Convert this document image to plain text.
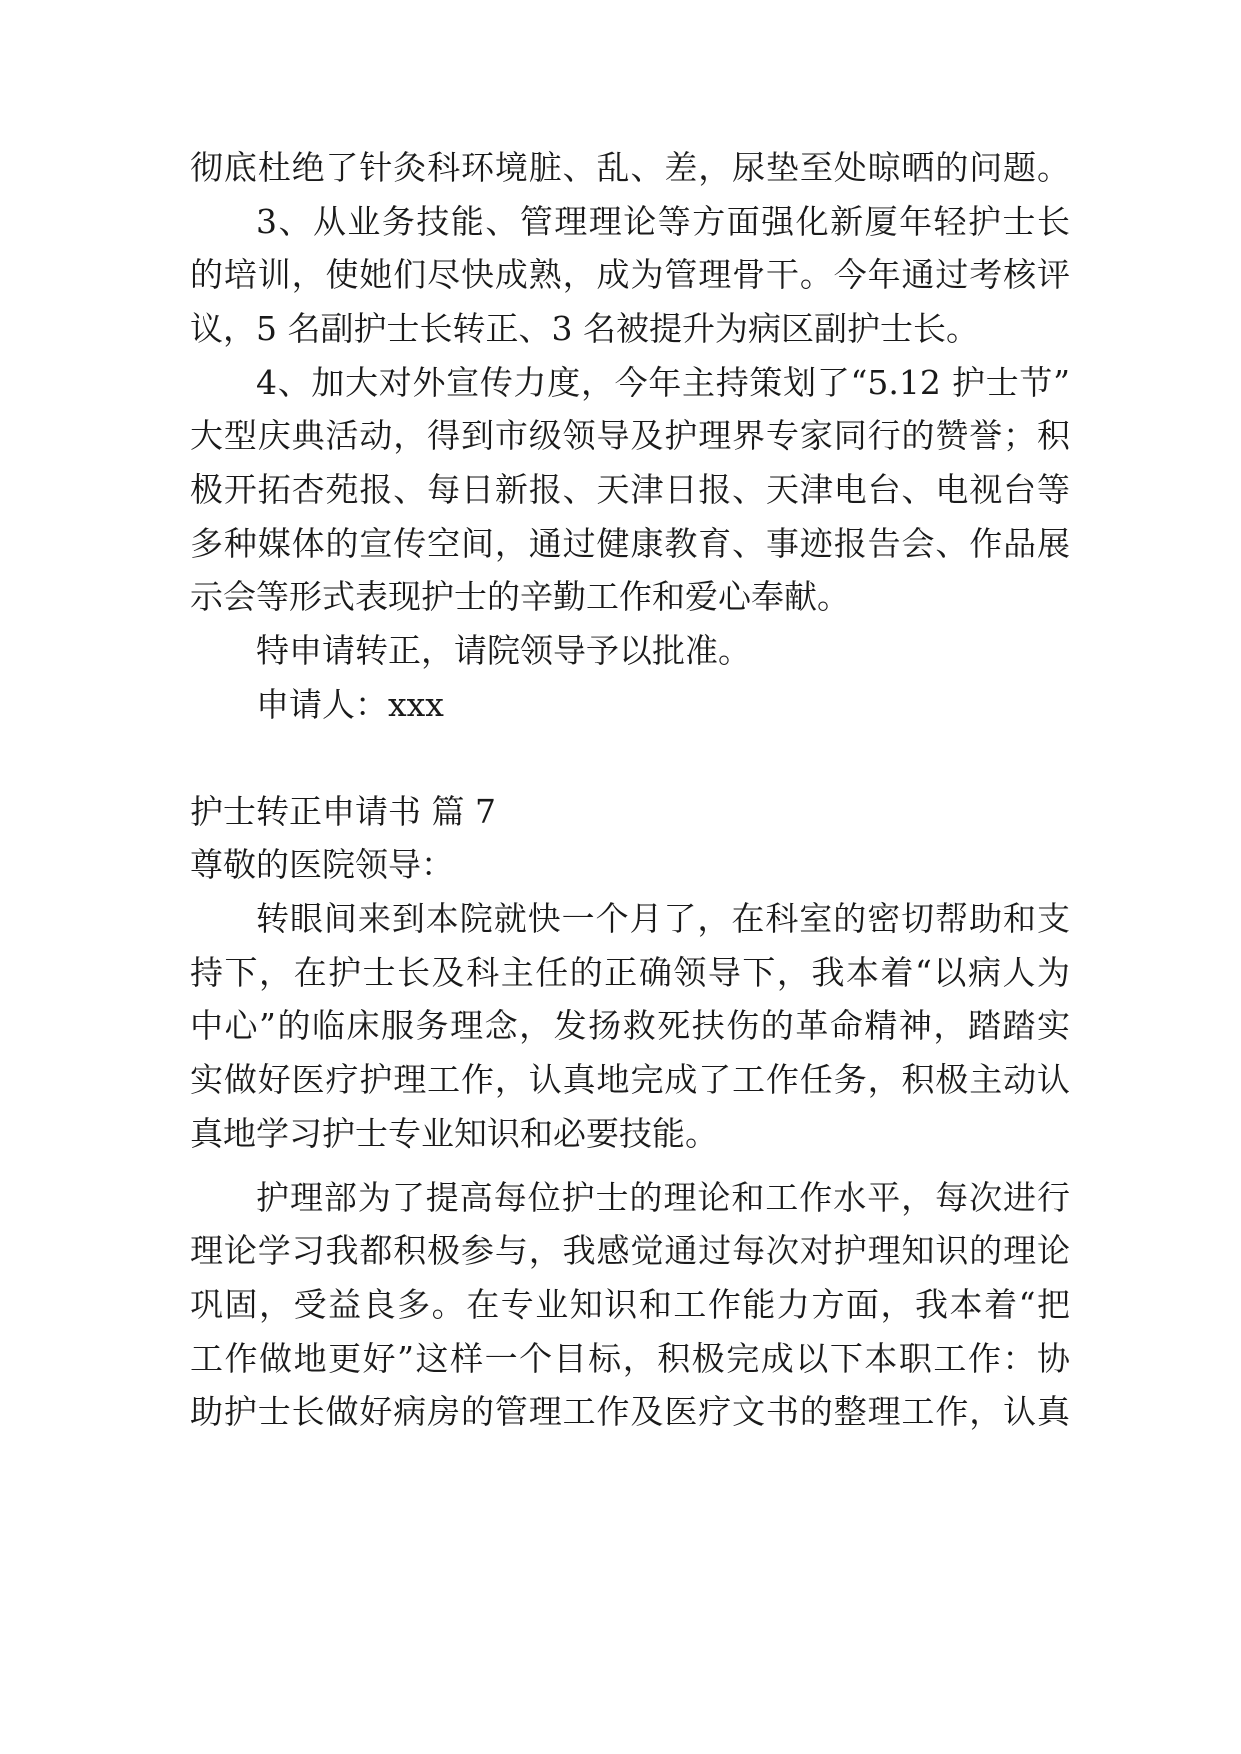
彻底杜绝了针灸科环境脏、乱、差，尿垫至处晾晒的问题。
3、从业务技能、管理理论等方面强化新厦年轻护士长
的培训，使她们尽快成熟，成为管理骨干。今年通过考核评
议，5 名副护士长转正、3 名被提升为病区副护士长。
4、加大对外宣传力度，今年主持策划了“5.12 护士节”
大型庆典活动，得到市级领导及护理界专家同行的赞誉；积
极开拓杏苑报、每日新报、天津日报、天津电台、电视台等
多种媒体的宣传空间，通过健康教育、事迹报告会、作品展
示会等形式表现护士的辛勤工作和爱心奉献。
特申请转正，请院领导予以批准。
申请人：xxx
护士转正申请书 篇 7
尊敬的医院领导：
转眼间来到本院就快一个月了，在科室的密切帮助和支
持下，在护士长及科主任的正确领导下，我本着“以病人为
中心”的临床服务理念，发扬救死扶伤的革命精神，踏踏实
实做好医疗护理工作，认真地完成了工作任务，积极主动认
真地学习护士专业知识和必要技能。
护理部为了提高每位护士的理论和工作水平，每次进行
理论学习我都积极参与，我感觉通过每次对护理知识的理论
巩固，受益良多。在专业知识和工作能力方面，我本着“把
工作做地更好”这样一个目标，积极完成以下本职工作：协
助护士长做好病房的管理工作及医疗文书的整理工作，认真
